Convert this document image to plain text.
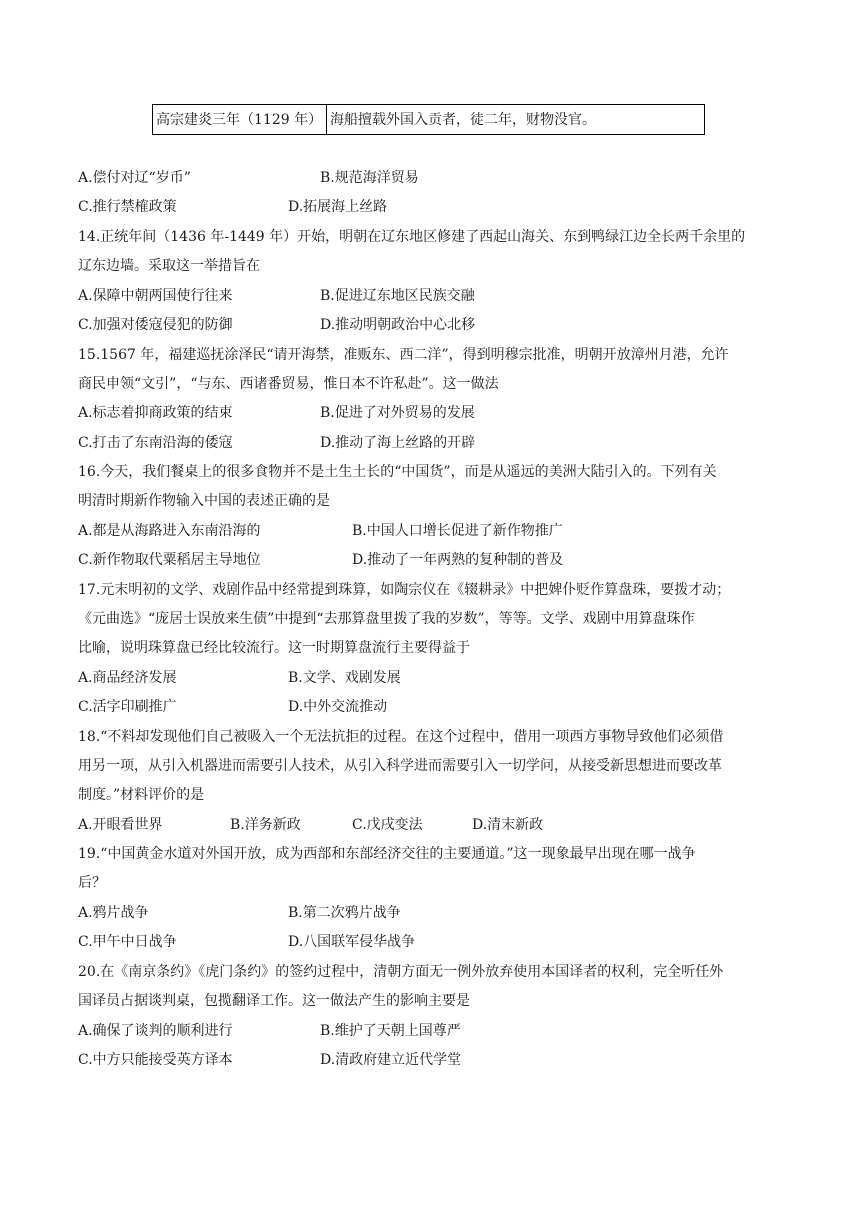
高宗建炎三年（1129 年） 海船擅载外国入贡者，徒二年，财物没官。
A.偿付对辽“岁币”	B.规范海洋贸易
C.推行禁榷政策	D.拓展海上丝路
14.正统年间（1436 年-1449 年）开始，明朝在辽东地区修建了西起山海关、东到鸭绿江边全长两千余里的
辽东边墙。采取这一举措旨在
A.保障中朝两国使行往来	B.促进辽东地区民族交融
C.加强对倭寇侵犯的防御	D.推动明朝政治中心北移
15.1567 年，福建巡抚涂泽民“请开海禁，准贩东、西二洋”，得到明穆宗批准，明朝开放漳州月港，允许
商民申领“文引”，“与东、西诸番贸易，惟日本不许私赴”。这一做法
A.标志着抑商政策的结束	B.促进了对外贸易的发展
C.打击了东南沿海的倭寇	D.推动了海上丝路的开辟
16.今天，我们餐桌上的很多食物并不是土生土长的“中国货”，而是从遥远的美洲大陆引入的。下列有关
明清时期新作物输入中国的表述正确的是
A.都是从海路进入东南沿海的	B.中国人口增长促进了新作物推广
C.新作物取代粟稻居主导地位	D.推动了一年两熟的复种制的普及
17.元末明初的文学、戏剧作品中经常提到珠算，如陶宗仪在《辍耕录》中把婢仆贬作算盘珠，要拨才动；
《元曲选》“庞居士误放来生债”中提到“去那算盘里拨了我的岁数”，等等。文学、戏剧中用算盘珠作
比喻，说明珠算盘已经比较流行。这一时期算盘流行主要得益于
A.商品经济发展	B.文学、戏剧发展
C.活字印刷推广	D.中外交流推动
18.“不料却发现他们自己被吸入一个无法抗拒的过程。在这个过程中，借用一项西方事物导致他们必须借
用另一项，从引入机器进而需要引人技术，从引入科学进而需要引入一切学问，从接受新思想进而要改革
制度。”材料评价的是
A.开眼看世界	B.洋务新政	C.戊戌变法	D.清末新政
19.“中国黄金水道对外国开放，成为西部和东部经济交往的主要通道。”这一现象最早出现在哪一战争
后？
A.鸦片战争	B.第二次鸦片战争
C.甲午中日战争	D.八国联军侵华战争
20.在《南京条约》《虎门条约》的签约过程中，清朝方面无一例外放弃使用本国译者的权利，完全听任外
国译员占据谈判桌，包揽翻译工作。这一做法产生的影响主要是
A.确保了谈判的顺利进行	B.维护了天朝上国尊严
C.中方只能接受英方译本	D.清政府建立近代学堂
